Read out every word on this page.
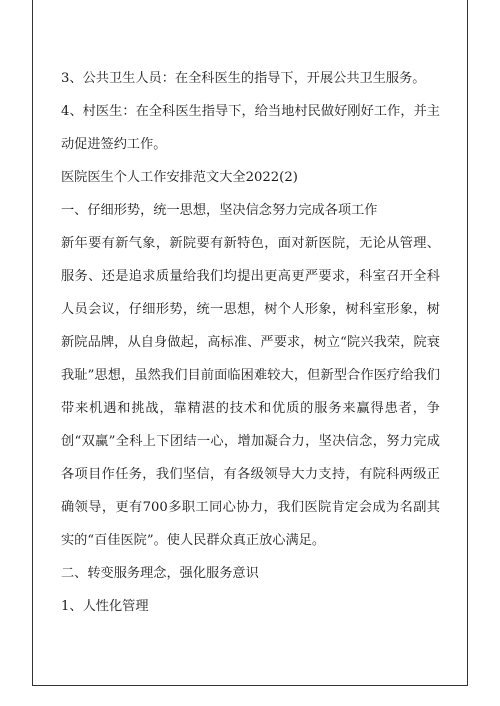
3、公共卫生人员：在全科医生的指导下，开展公共卫生服务。

4、村医生：在全科医生指导下，给当地村民做好刚好工作，并主动促进签约工作。

医院医生个人工作安排范文大全2022(2)

一、仔细形势，统一思想，坚决信念努力完成各项工作

新年要有新气象，新院要有新特色，面对新医院，无论从管理、服务、还是追求质量给我们均提出更高更严要求，科室召开全科人员会议，仔细形势，统一思想，树个人形象，树科室形象，树新院品牌，从自身做起，高标准、严要求，树立“院兴我荣，院衰我耻”思想，虽然我们目前面临困难较大，但新型合作医疗给我们带来机遇和挑战，靠精湛的技术和优质的服务来赢得患者，争创“双赢”全科上下团结一心，增加凝合力，坚决信念，努力完成各项目作任务，我们坚信，有各级领导大力支持，有院科两级正确领导，更有700多职工同心协力，我们医院肯定会成为名副其实的“百佳医院”。使人民群众真正放心满足。

二、转变服务理念，强化服务意识

1、人性化管理
